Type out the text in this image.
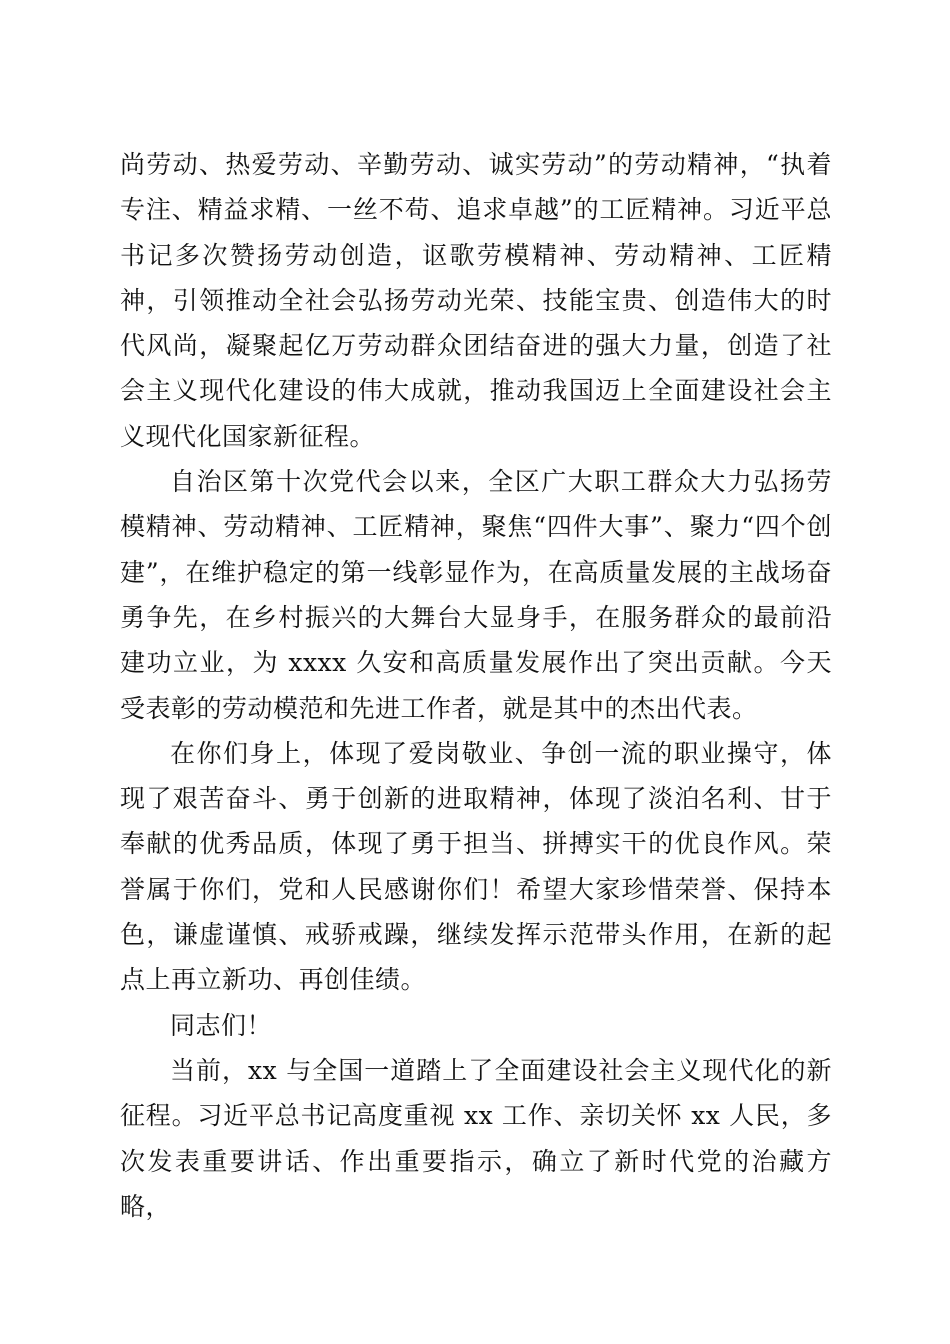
尚劳动、热爱劳动、辛勤劳动、诚实劳动”的劳动精神，“执着专注、精益求精、一丝不苟、追求卓越”的工匠精神。习近平总书记多次赞扬劳动创造，讴歌劳模精神、劳动精神、工匠精神，引领推动全社会弘扬劳动光荣、技能宝贵、创造伟大的时代风尚，凝聚起亿万劳动群众团结奋进的强大力量，创造了社会主义现代化建设的伟大成就，推动我国迈上全面建设社会主义现代化国家新征程。

自治区第十次党代会以来，全区广大职工群众大力弘扬劳模精神、劳动精神、工匠精神，聚焦“四件大事”、聚力“四个创建”，在维护稳定的第一线彰显作为，在高质量发展的主战场奋勇争先，在乡村振兴的大舞台大显身手，在服务群众的最前沿建功立业，为 xxxx 久安和高质量发展作出了突出贡献。今天受表彰的劳动模范和先进工作者，就是其中的杰出代表。

在你们身上，体现了爱岗敬业、争创一流的职业操守，体现了艰苦奋斗、勇于创新的进取精神，体现了淡泊名利、甘于奉献的优秀品质，体现了勇于担当、拼搏实干的优良作风。荣誉属于你们，党和人民感谢你们！希望大家珍惜荣誉、保持本色，谦虚谨慎、戒骄戒躁，继续发挥示范带头作用，在新的起点上再立新功、再创佳绩。

同志们！

当前，xx 与全国一道踏上了全面建设社会主义现代化的新征程。习近平总书记高度重视 xx 工作、亲切关怀 xx 人民，多次发表重要讲话、作出重要指示，确立了新时代党的治藏方略，
